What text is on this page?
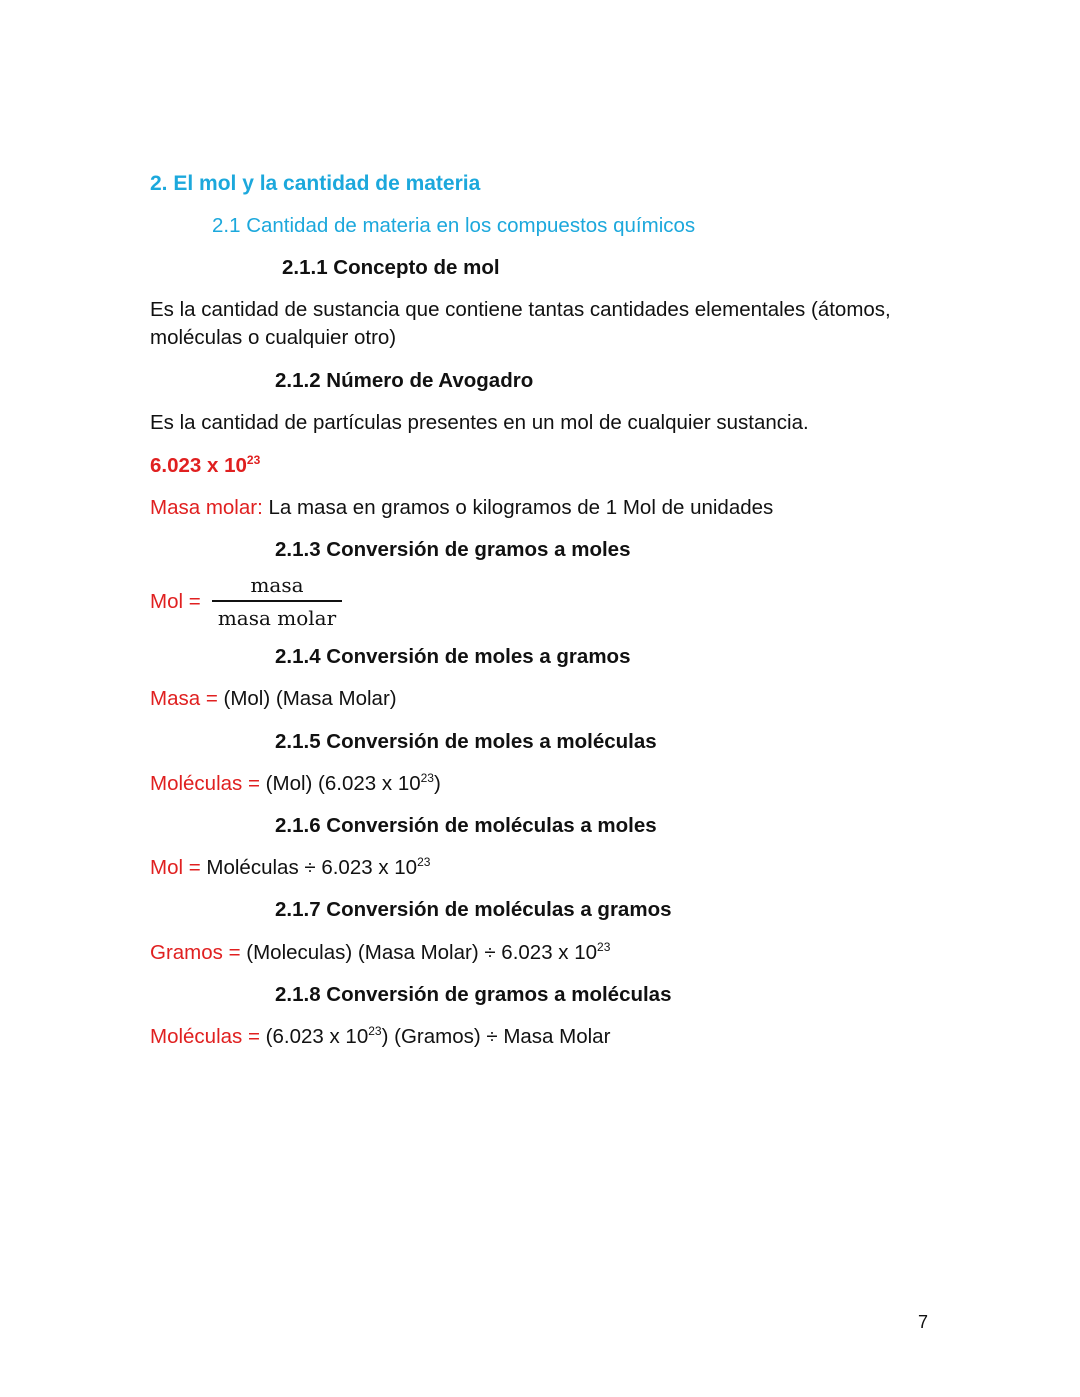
2. El mol y la cantidad de materia
2.1 Cantidad de materia en los compuestos químicos
2.1.1 Concepto de mol
Es la cantidad de sustancia que contiene tantas cantidades elementales (átomos, moléculas o cualquier otro)
2.1.2 Número de Avogadro
Es la cantidad de partículas presentes en un mol de cualquier sustancia.
6.023 x $10^{23}$
Masa molar: La masa en gramos o kilogramos de 1 Mol de unidades
2.1.3 Conversión de gramos a moles
Mol =
masa
masa molar
2.1.4 Conversión de moles a gramos
Masa = (Mol) (Masa Molar)
2.1.5 Conversión de moles a moléculas
Moléculas = (Mol) (6.023 x $10^{23}$)
2.1.6 Conversión de moléculas a moles
Mol = Moléculas ÷ 6.023 x $10^{23}$
2.1.7 Conversión de moléculas a gramos
Gramos = (Moleculas) (Masa Molar) ÷ 6.023 x $10^{23}$
2.1.8 Conversión de gramos a moléculas
Moléculas = (6.023 x $10^{23}$) (Gramos) ÷ Masa Molar
7
